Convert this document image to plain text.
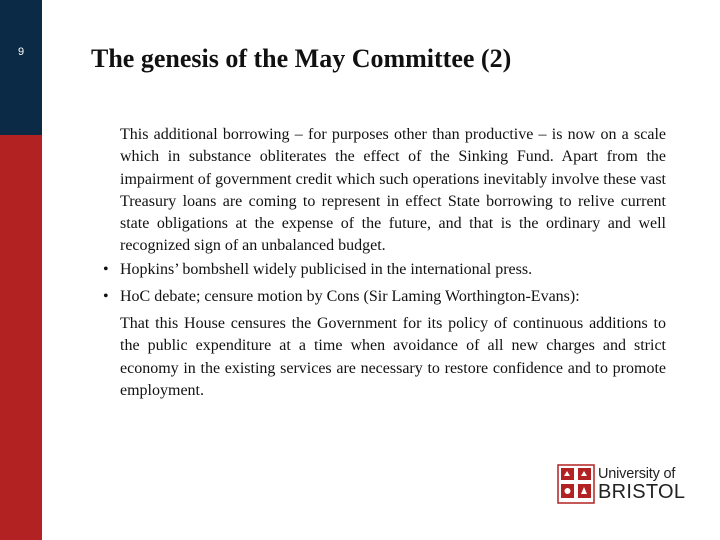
9	The genesis of the May Committee (2)

This additional borrowing – for purposes other than productive – is now on a scale which in substance obliterates the effect of the Sinking Fund. Apart from the impairment of government credit which such operations inevitably involve these vast Treasury loans are coming to represent in effect State borrowing to relive current state obligations at the expense of the future, and that is the ordinary and well recognized sign of an unbalanced budget.

• Hopkins’ bombshell widely publicised in the international press.
• HoC debate; censure motion by Cons (Sir Laming Worthington-Evans):

That this House censures the Government for its policy of continuous additions to the public expenditure at a time when avoidance of all new charges and strict economy in the existing services are necessary to restore confidence and to promote employment.

University of
BRISTOL
